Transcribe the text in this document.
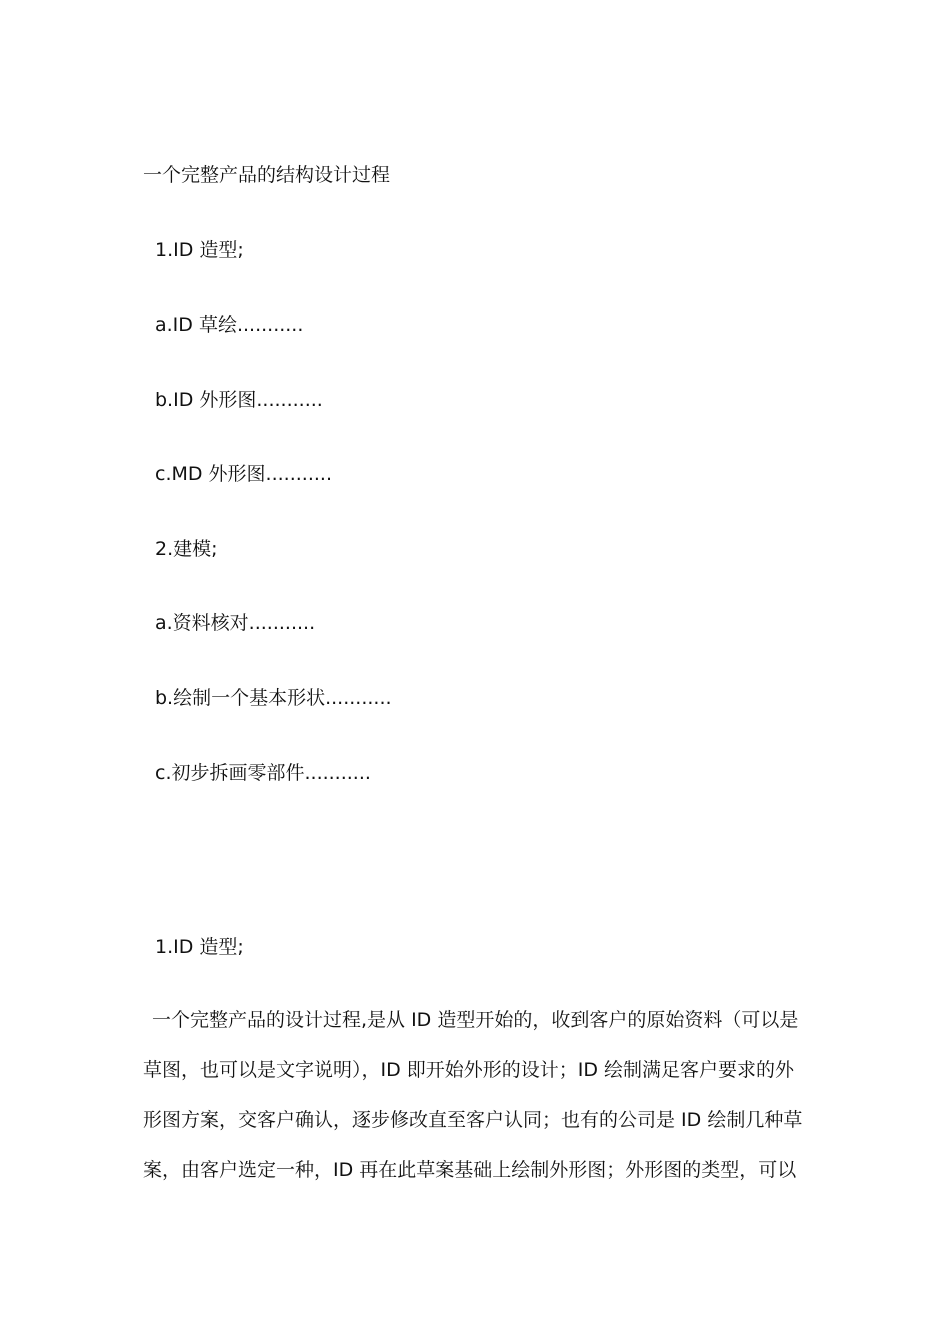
一个完整产品的结构设计过程
1.ID 造型;
a.ID 草绘...........
b.ID 外形图...........
c.MD 外形图...........
2.建模;
a.资料核对...........
b.绘制一个基本形状...........
c.初步拆画零部件...........
1.ID 造型;
一个完整产品的设计过程,是从 ID 造型开始的，收到客户的原始资料（可以是
草图，也可以是文字说明），ID 即开始外形的设计；ID 绘制满足客户要求的外
形图方案，交客户确认，逐步修改直至客户认同；也有的公司是 ID 绘制几种草
案，由客户选定一种，ID 再在此草案基础上绘制外形图；外形图的类型，可以
